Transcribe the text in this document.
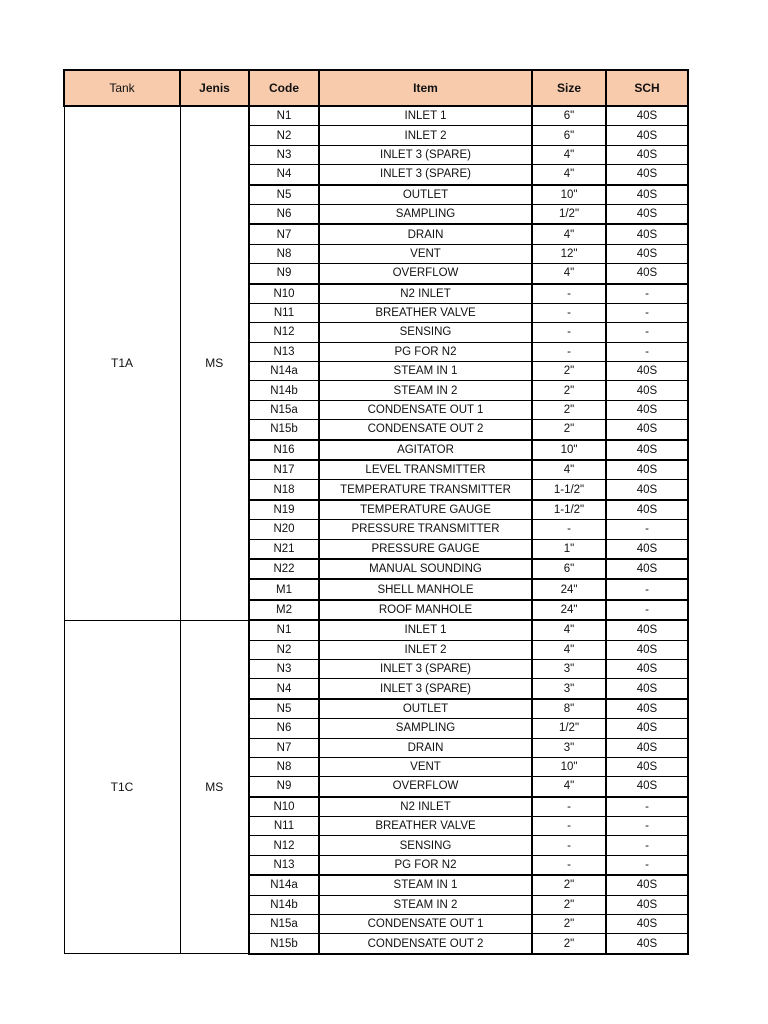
Tank	Jenis	Code	Item	Size	SCH
T1A	MS	N1	INLET 1	6"	40S
		N2	INLET 2	6"	40S
		N3	INLET 3 (SPARE)	4"	40S
		N4	INLET 3 (SPARE)	4"	40S
		N5	OUTLET	10"	40S
		N6	SAMPLING	1/2"	40S
		N7	DRAIN	4"	40S
		N8	VENT	12"	40S
		N9	OVERFLOW	4"	40S
		N10	N2 INLET	-	-
		N11	BREATHER VALVE	-	-
		N12	SENSING	-	-
		N13	PG FOR N2	-	-
		N14a	STEAM IN 1	2"	40S
		N14b	STEAM IN 2	2"	40S
		N15a	CONDENSATE OUT 1	2"	40S
		N15b	CONDENSATE OUT 2	2"	40S
		N16	AGITATOR	10"	40S
		N17	LEVEL TRANSMITTER	4"	40S
		N18	TEMPERATURE TRANSMITTER	1-1/2"	40S
		N19	TEMPERATURE GAUGE	1-1/2"	40S
		N20	PRESSURE TRANSMITTER	-	-
		N21	PRESSURE GAUGE	1"	40S
		N22	MANUAL SOUNDING	6"	40S
		M1	SHELL MANHOLE	24"	-
		M2	ROOF MANHOLE	24"	-
T1C	MS	N1	INLET 1	4"	40S
		N2	INLET 2	4"	40S
		N3	INLET 3 (SPARE)	3"	40S
		N4	INLET 3 (SPARE)	3"	40S
		N5	OUTLET	8"	40S
		N6	SAMPLING	1/2"	40S
		N7	DRAIN	3"	40S
		N8	VENT	10"	40S
		N9	OVERFLOW	4"	40S
		N10	N2 INLET	-	-
		N11	BREATHER VALVE	-	-
		N12	SENSING	-	-
		N13	PG FOR N2	-	-
		N14a	STEAM IN 1	2"	40S
		N14b	STEAM IN 2	2"	40S
		N15a	CONDENSATE OUT 1	2"	40S
		N15b	CONDENSATE OUT 2	2"	40S
